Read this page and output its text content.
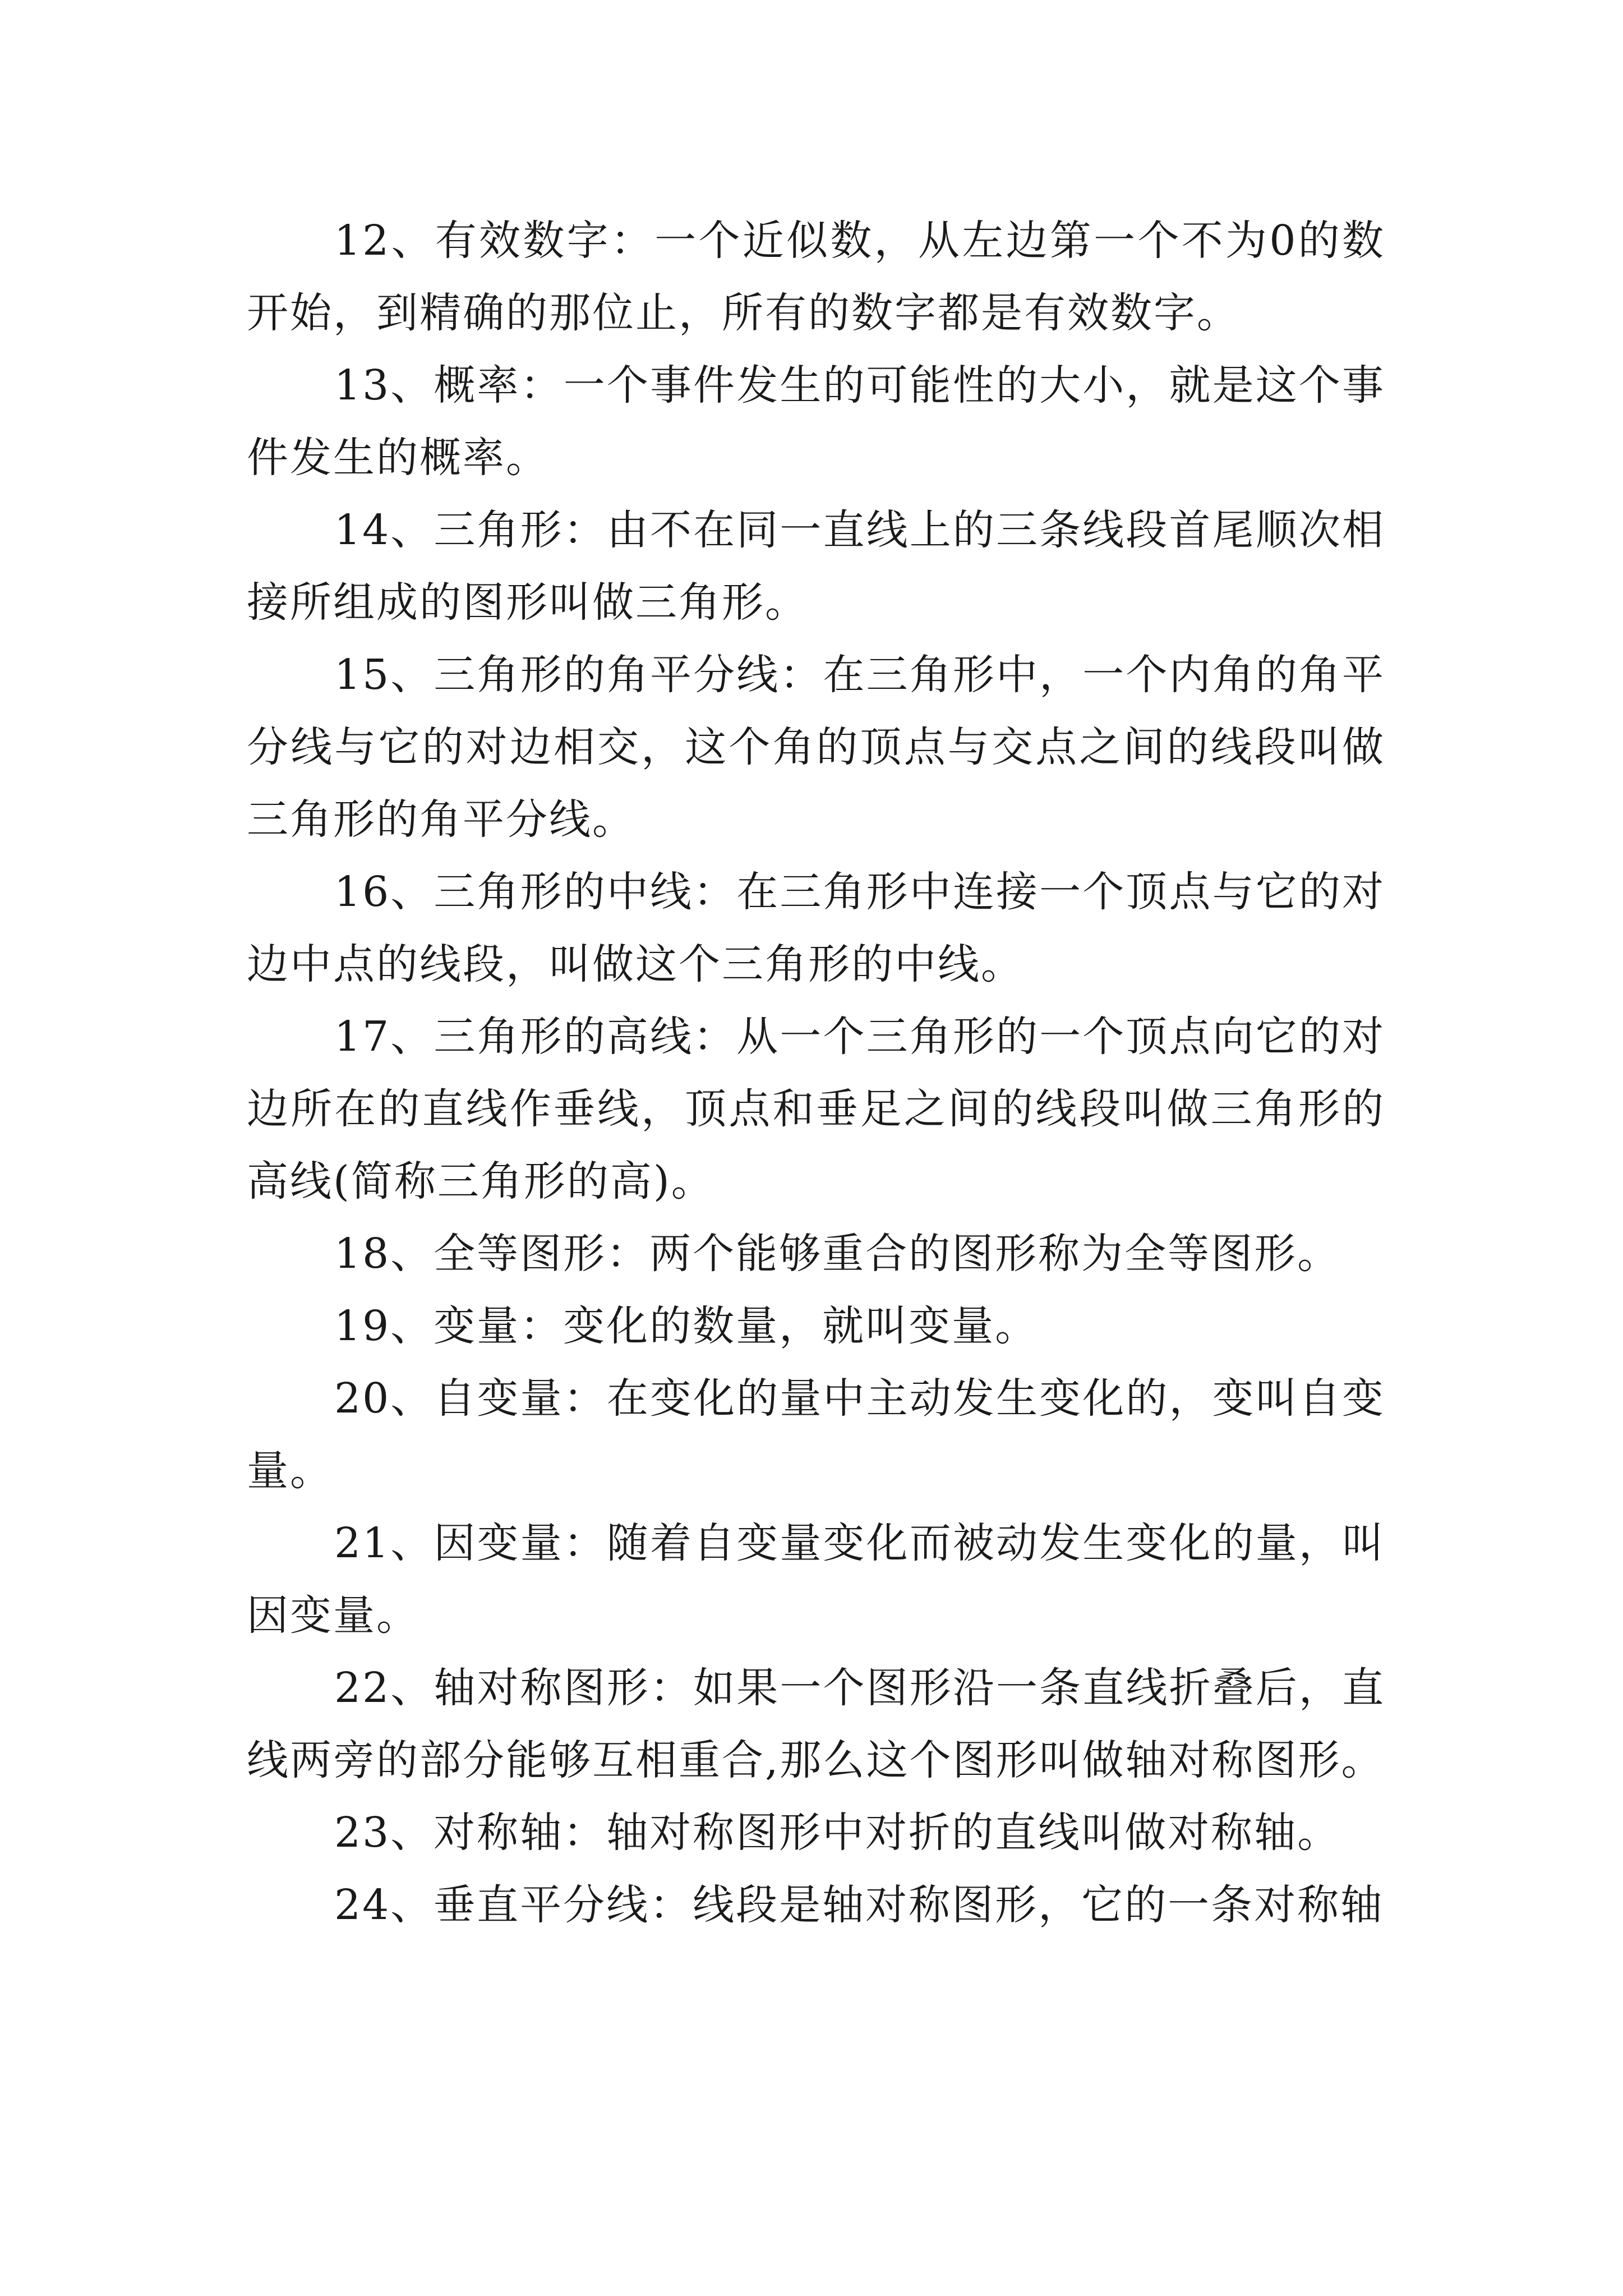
12、有效数字：一个近似数，从左边第一个不为0的数开始，到精确的那位止，所有的数字都是有效数字。

13、概率：一个事件发生的可能性的大小，就是这个事件发生的概率。

14、三角形：由不在同一直线上的三条线段首尾顺次相接所组成的图形叫做三角形。

15、三角形的角平分线：在三角形中，一个内角的角平分线与它的对边相交，这个角的顶点与交点之间的线段叫做三角形的角平分线。

16、三角形的中线：在三角形中连接一个顶点与它的对边中点的线段，叫做这个三角形的中线。

17、三角形的高线：从一个三角形的一个顶点向它的对边所在的直线作垂线，顶点和垂足之间的线段叫做三角形的高线(简称三角形的高)。

18、全等图形：两个能够重合的图形称为全等图形。

19、变量：变化的数量，就叫变量。

20、自变量：在变化的量中主动发生变化的，变叫自变量。

21、因变量：随着自变量变化而被动发生变化的量，叫因变量。

22、轴对称图形：如果一个图形沿一条直线折叠后，直线两旁的部分能够互相重合,那么这个图形叫做轴对称图形。

23、对称轴：轴对称图形中对折的直线叫做对称轴。

24、垂直平分线：线段是轴对称图形，它的一条对称轴
